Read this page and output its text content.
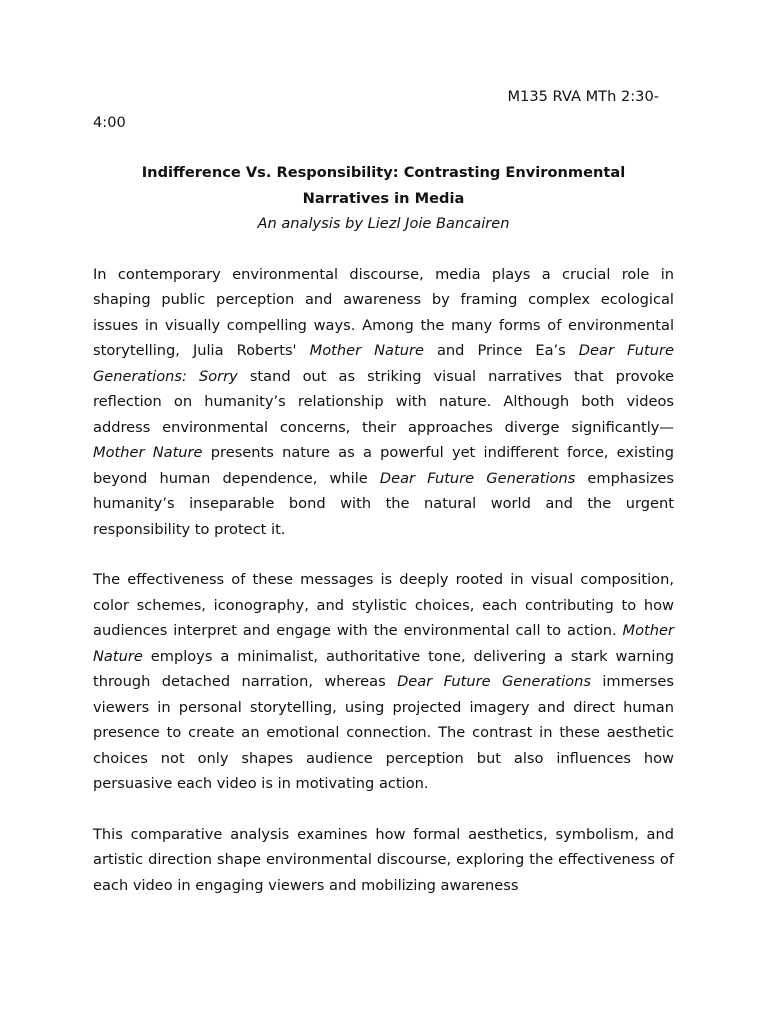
M135 RVA MTh 2:30-

4:00

Indifference Vs. Responsibility: Contrasting Environmental Narratives in Media

An analysis by Liezl Joie Bancairen

In contemporary environmental discourse, media plays a crucial role in shaping public perception and awareness by framing complex ecological issues in visually compelling ways. Among the many forms of environmental storytelling, Julia Roberts' Mother Nature and Prince Ea’s Dear Future Generations: Sorry stand out as striking visual narratives that provoke reflection on humanity’s relationship with nature. Although both videos address environmental concerns, their approaches diverge significantly—Mother Nature presents nature as a powerful yet indifferent force, existing beyond human dependence, while Dear Future Generations emphasizes humanity’s inseparable bond with the natural world and the urgent responsibility to protect it.

The effectiveness of these messages is deeply rooted in visual composition, color schemes, iconography, and stylistic choices, each contributing to how audiences interpret and engage with the environmental call to action. Mother Nature employs a minimalist, authoritative tone, delivering a stark warning through detached narration, whereas Dear Future Generations immerses viewers in personal storytelling, using projected imagery and direct human presence to create an emotional connection. The contrast in these aesthetic choices not only shapes audience perception but also influences how persuasive each video is in motivating action.

This comparative analysis examines how formal aesthetics, symbolism, and artistic direction shape environmental discourse, exploring the effectiveness of each video in engaging viewers and mobilizing awareness
